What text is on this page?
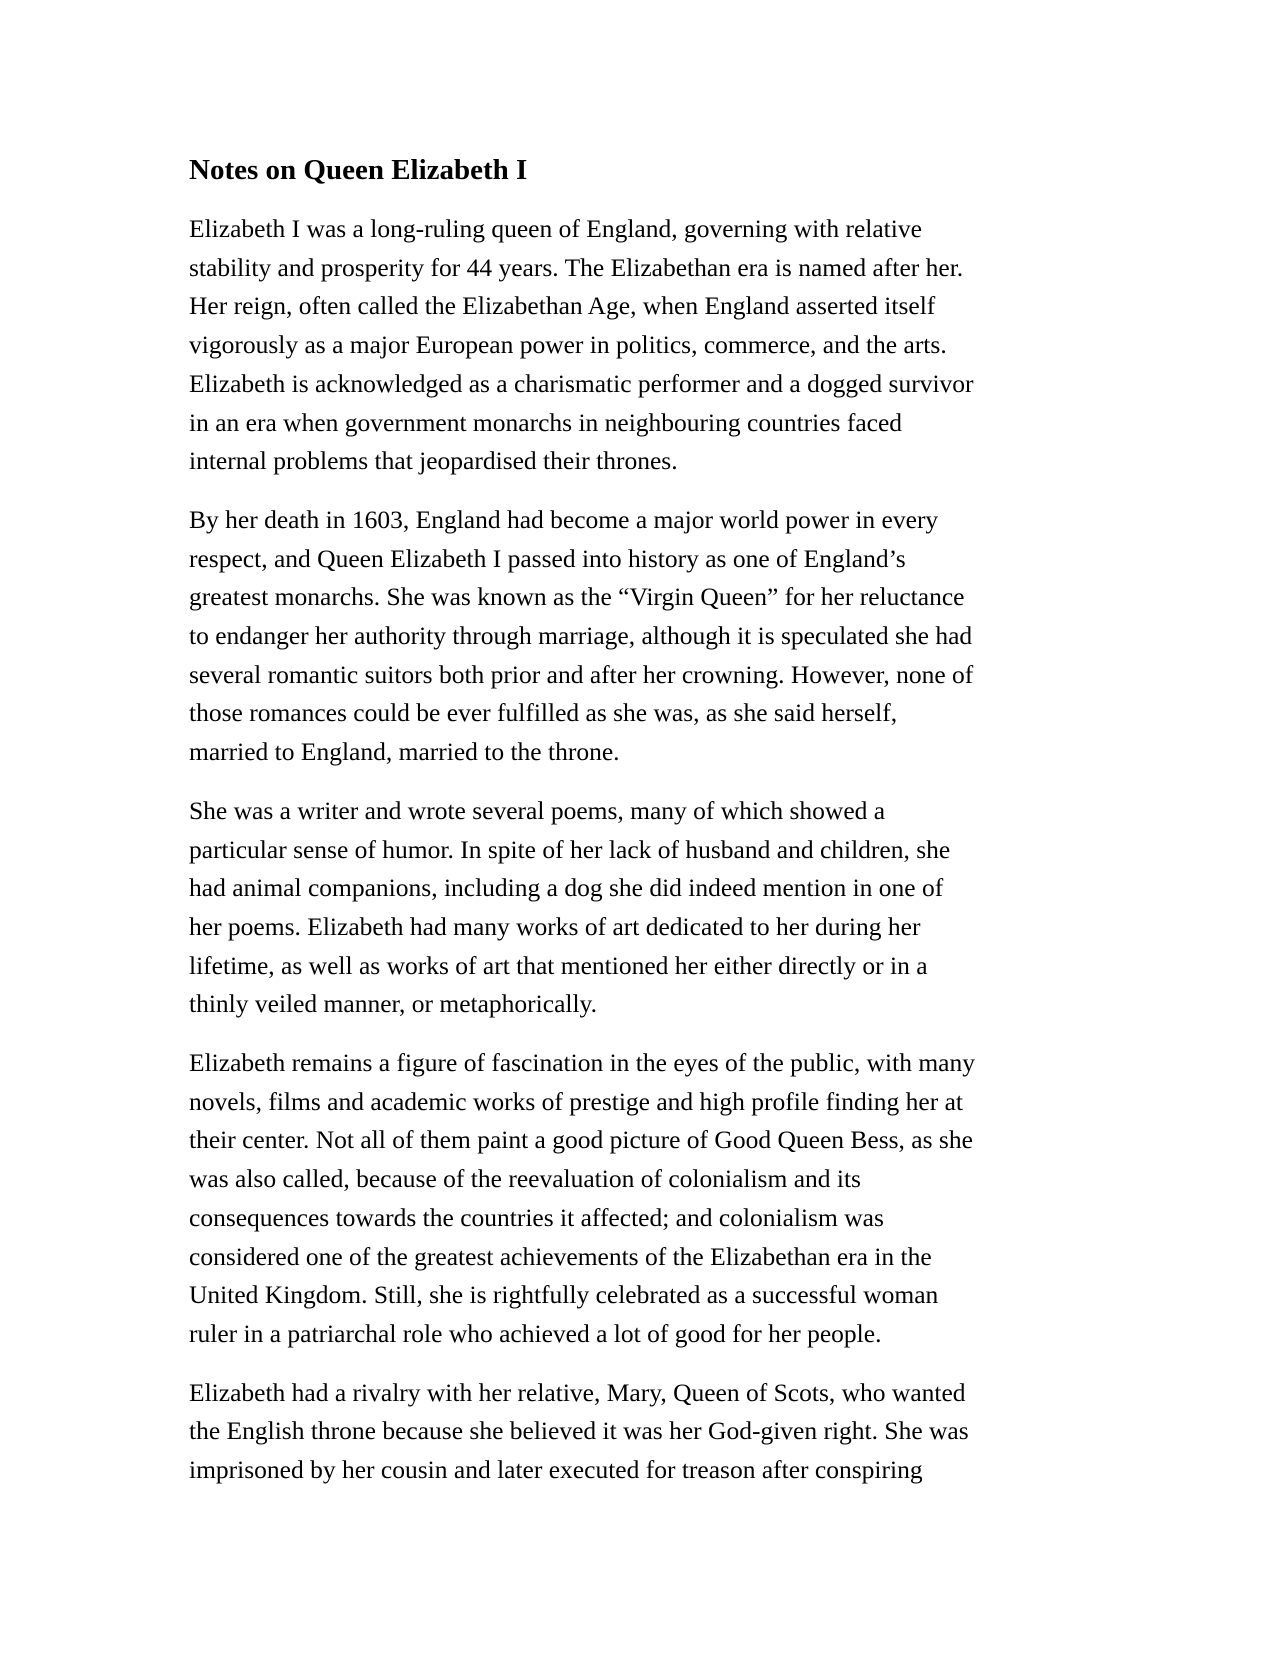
Notes on Queen Elizabeth I

Elizabeth I was a long-ruling queen of England, governing with relative
stability and prosperity for 44 years. The Elizabethan era is named after her.
Her reign, often called the Elizabethan Age, when England asserted itself
vigorously as a major European power in politics, commerce, and the arts.
Elizabeth is acknowledged as a charismatic performer and a dogged survivor
in an era when government monarchs in neighbouring countries faced
internal problems that jeopardised their thrones.

By her death in 1603, England had become a major world power in every
respect, and Queen Elizabeth I passed into history as one of England’s
greatest monarchs. She was known as the “Virgin Queen” for her reluctance
to endanger her authority through marriage, although it is speculated she had
several romantic suitors both prior and after her crowning. However, none of
those romances could be ever fulfilled as she was, as she said herself,
married to England, married to the throne.

She was a writer and wrote several poems, many of which showed a
particular sense of humor. In spite of her lack of husband and children, she
had animal companions, including a dog she did indeed mention in one of
her poems. Elizabeth had many works of art dedicated to her during her
lifetime, as well as works of art that mentioned her either directly or in a
thinly veiled manner, or metaphorically.

Elizabeth remains a figure of fascination in the eyes of the public, with many
novels, films and academic works of prestige and high profile finding her at
their center. Not all of them paint a good picture of Good Queen Bess, as she
was also called, because of the reevaluation of colonialism and its
consequences towards the countries it affected; and colonialism was
considered one of the greatest achievements of the Elizabethan era in the
United Kingdom. Still, she is rightfully celebrated as a successful woman
ruler in a patriarchal role who achieved a lot of good for her people.

Elizabeth had a rivalry with her relative, Mary, Queen of Scots, who wanted
the English throne because she believed it was her God-given right. She was
imprisoned by her cousin and later executed for treason after conspiring
